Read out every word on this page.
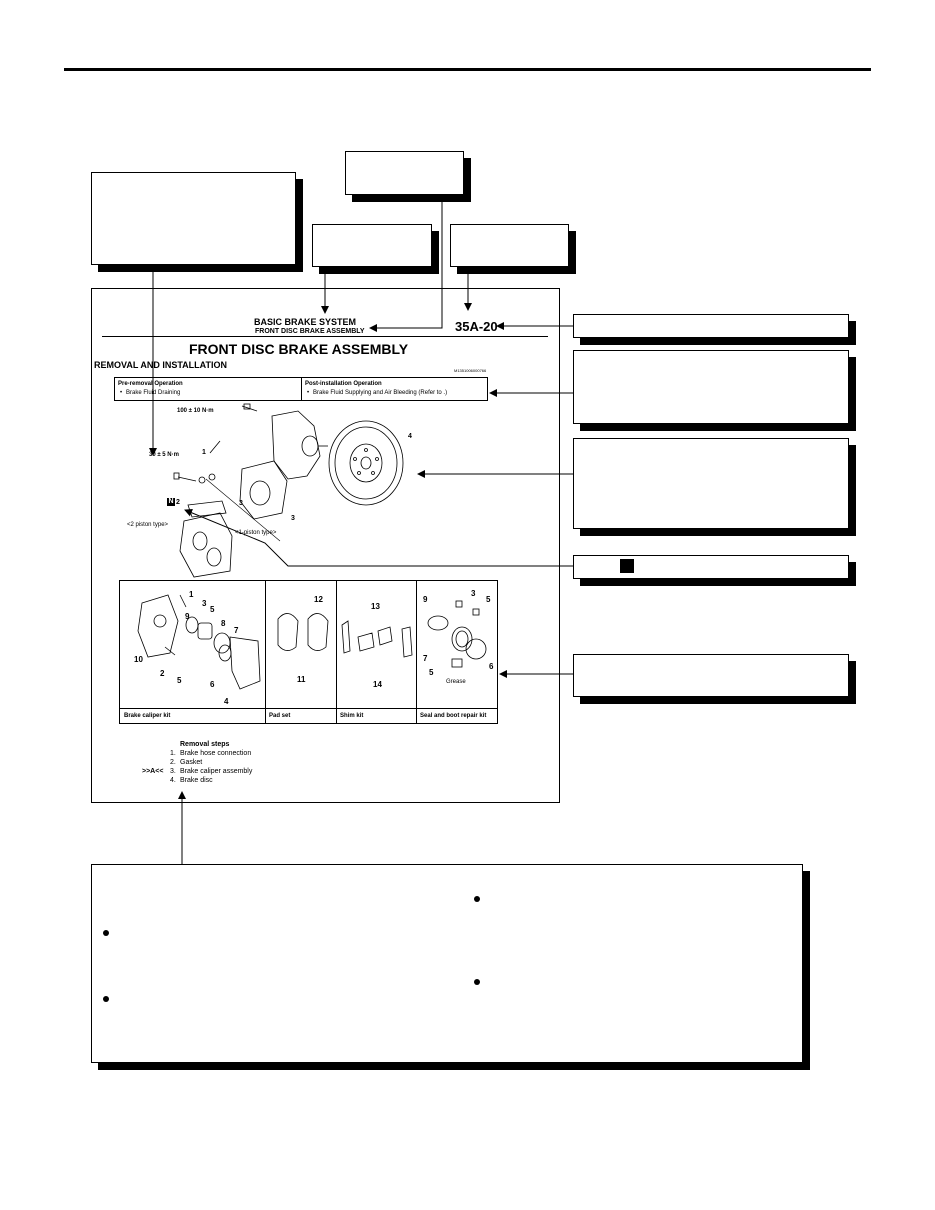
BASIC BRAKE SYSTEM
FRONT DISC BRAKE ASSEMBLY	35A-20
FRONT DISC BRAKE ASSEMBLY
REMOVAL AND INSTALLATION
M1351006000766
Pre-removal Operation
• Brake Fluid Draining
Post-installation Operation
• Brake Fluid Supplying and Air Bleeding (Refer to .)
100 ± 10 N·m
30 ± 5 N·m
4
1
3
3
N 2
<1-piston type>
<2 piston type>
1
3
5
9
8
7
10
2
5	6
4
12
11
13
14
9
3
5
7
5
6
Grease
Brake caliper kit	Pad set	Shim kit	Seal and boot repair kit
Removal steps
1. Brake hose connection
2. Gasket
>>A<< 3. Brake caliper assembly
4. Brake disc
